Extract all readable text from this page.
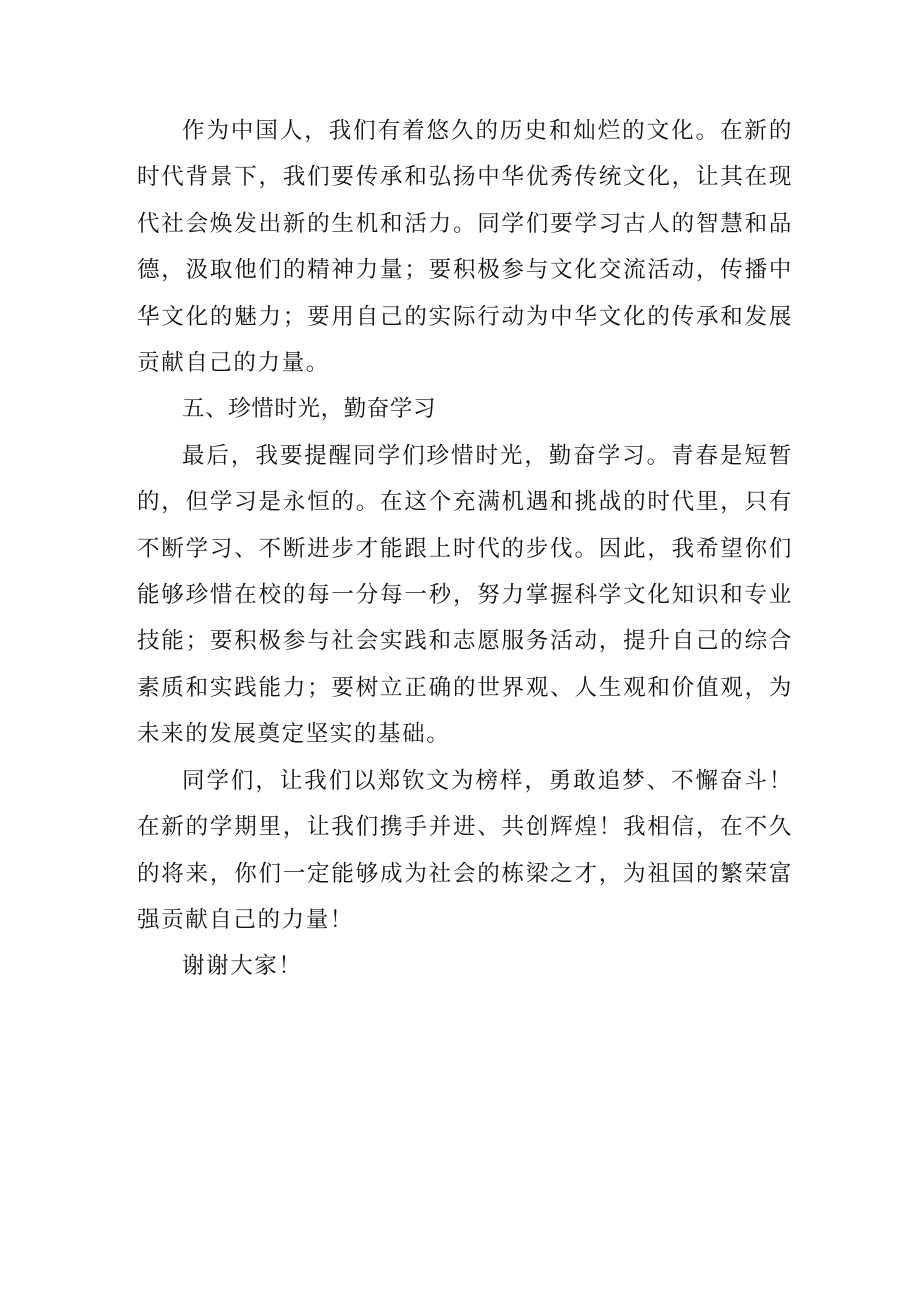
作为中国人，我们有着悠久的历史和灿烂的文化。在新的时代背景下，我们要传承和弘扬中华优秀传统文化，让其在现代社会焕发出新的生机和活力。同学们要学习古人的智慧和品德，汲取他们的精神力量；要积极参与文化交流活动，传播中华文化的魅力；要用自己的实际行动为中华文化的传承和发展贡献自己的力量。

五、珍惜时光，勤奋学习

最后，我要提醒同学们珍惜时光，勤奋学习。青春是短暂的，但学习是永恒的。在这个充满机遇和挑战的时代里，只有不断学习、不断进步才能跟上时代的步伐。因此，我希望你们能够珍惜在校的每一分每一秒，努力掌握科学文化知识和专业技能；要积极参与社会实践和志愿服务活动，提升自己的综合素质和实践能力；要树立正确的世界观、人生观和价值观，为未来的发展奠定坚实的基础。

同学们，让我们以郑钦文为榜样，勇敢追梦、不懈奋斗！在新的学期里，让我们携手并进、共创辉煌！我相信，在不久的将来，你们一定能够成为社会的栋梁之才，为祖国的繁荣富强贡献自己的力量！

谢谢大家！
